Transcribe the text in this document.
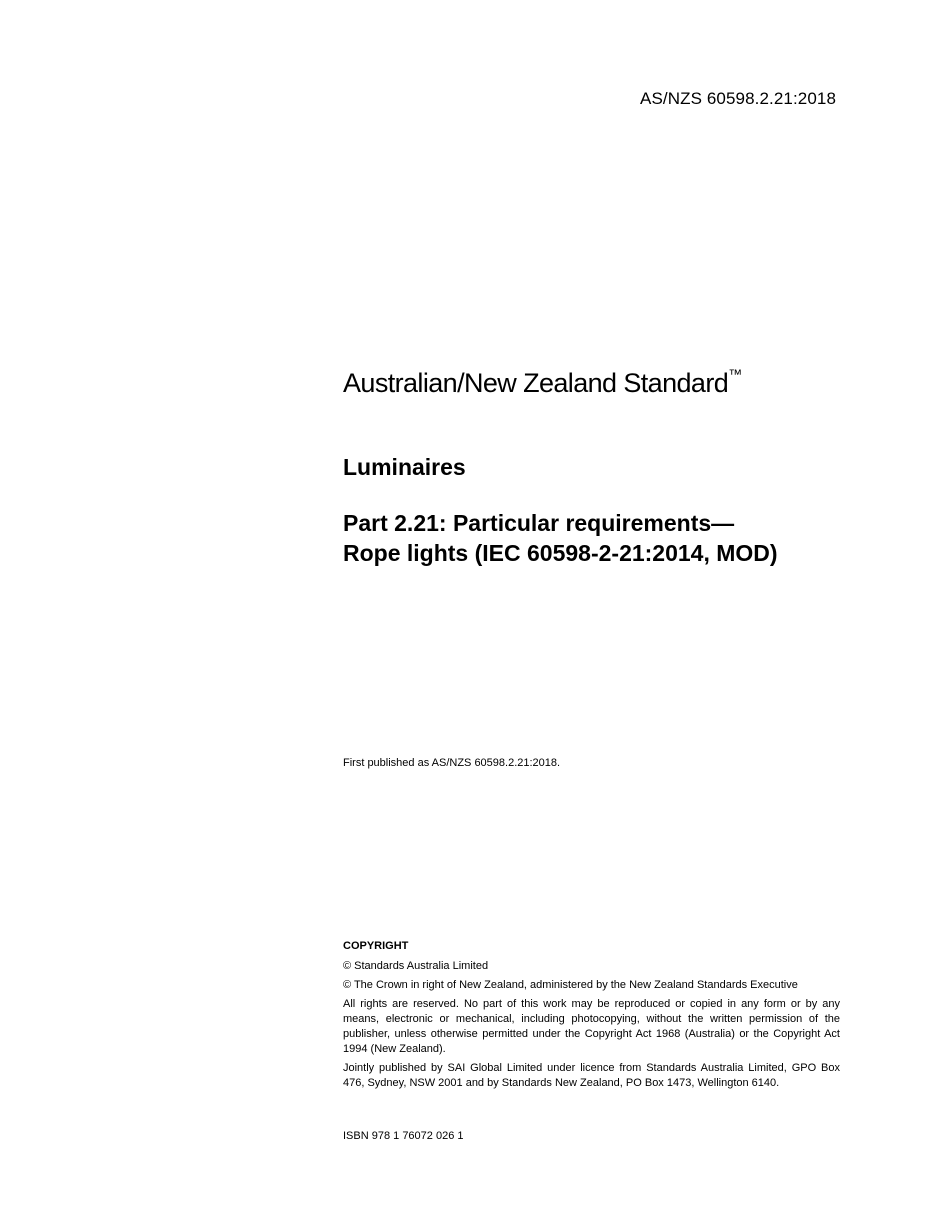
AS/NZS 60598.2.21:2018
Australian/New Zealand Standard™
Luminaires
Part 2.21: Particular requirements—
Rope lights (IEC 60598-2-21:2014, MOD)
First published as AS/NZS 60598.2.21:2018.

COPYRIGHT

© Standards Australia Limited

© The Crown in right of New Zealand, administered by the New Zealand Standards Executive

All rights are reserved. No part of this work may be reproduced or copied in any form or by any means, electronic or mechanical, including photocopying, without the written permission of the publisher, unless otherwise permitted under the Copyright Act 1968 (Australia) or the Copyright Act 1994 (New Zealand).

Jointly published by SAI Global Limited under licence from Standards Australia Limited, GPO Box 476, Sydney, NSW 2001 and by Standards New Zealand, PO Box 1473, Wellington 6140.

ISBN 978 1 76072 026 1
